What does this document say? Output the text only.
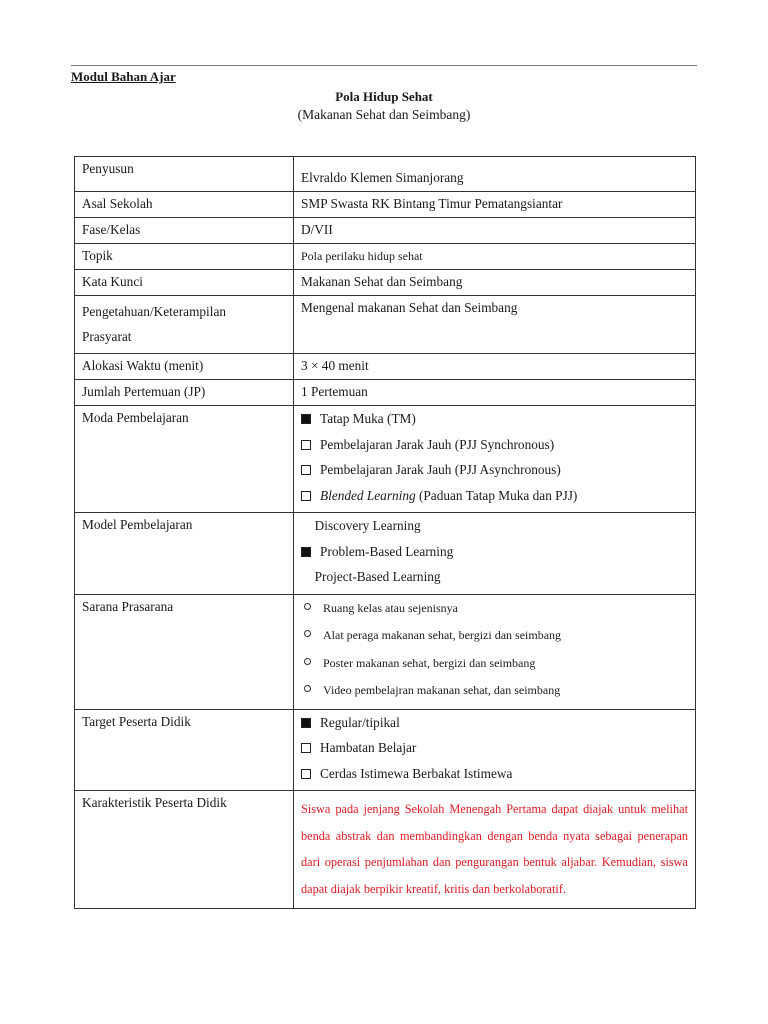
Modul Bahan Ajar
Pola Hidup Sehat
(Makanan Sehat dan Seimbang)
Penyusun	Elvraldo Klemen Simanjorang

Asal Sekolah	SMP Swasta RK Bintang Timur Pematangsiantar
Fase/Kelas	D/VII
Topik	Pola perilaku hidup sehat
Kata Kunci	Makanan Sehat dan Seimbang

Pengetahuan/Keterampilan
Prasyarat	Mengenal makanan Sehat dan Seimbang
Alokasi Waktu (menit)	3 × 40 menit
Jumlah Pertemuan (JP)	1 Pertemuan
Moda Pembelajaran	Tatap Muka (TM)
Pembelajaran Jarak Jauh (PJJ Synchronous)
Pembelajaran Jarak Jauh (PJJ Asynchronous)
Blended Learning (Paduan Tatap Muka dan PJJ)

Model Pembelajaran	Discovery Learning
Problem-Based Learning
Project-Based Learning

Sarana Prasarana	Ruang kelas atau sejenisnya
Alat peraga makanan sehat, bergizi dan seimbang
Poster makanan sehat, bergizi dan seimbang
Video pembelajran makanan sehat, dan seimbang

Target Peserta Didik	Regular/tipikal
Hambatan Belajar
Cerdas Istimewa Berbakat Istimewa

Karakteristik Peserta Didik	Siswa pada jenjang Sekolah Menengah Pertama dapat diajak untuk melihat benda abstrak dan membandingkan dengan benda nyata sebagai penerapan dari operasi penjumlahan dan pengurangan bentuk aljabar. Kemudian, siswa dapat diajak berpikir kreatif, kritis dan berkolaboratif.
